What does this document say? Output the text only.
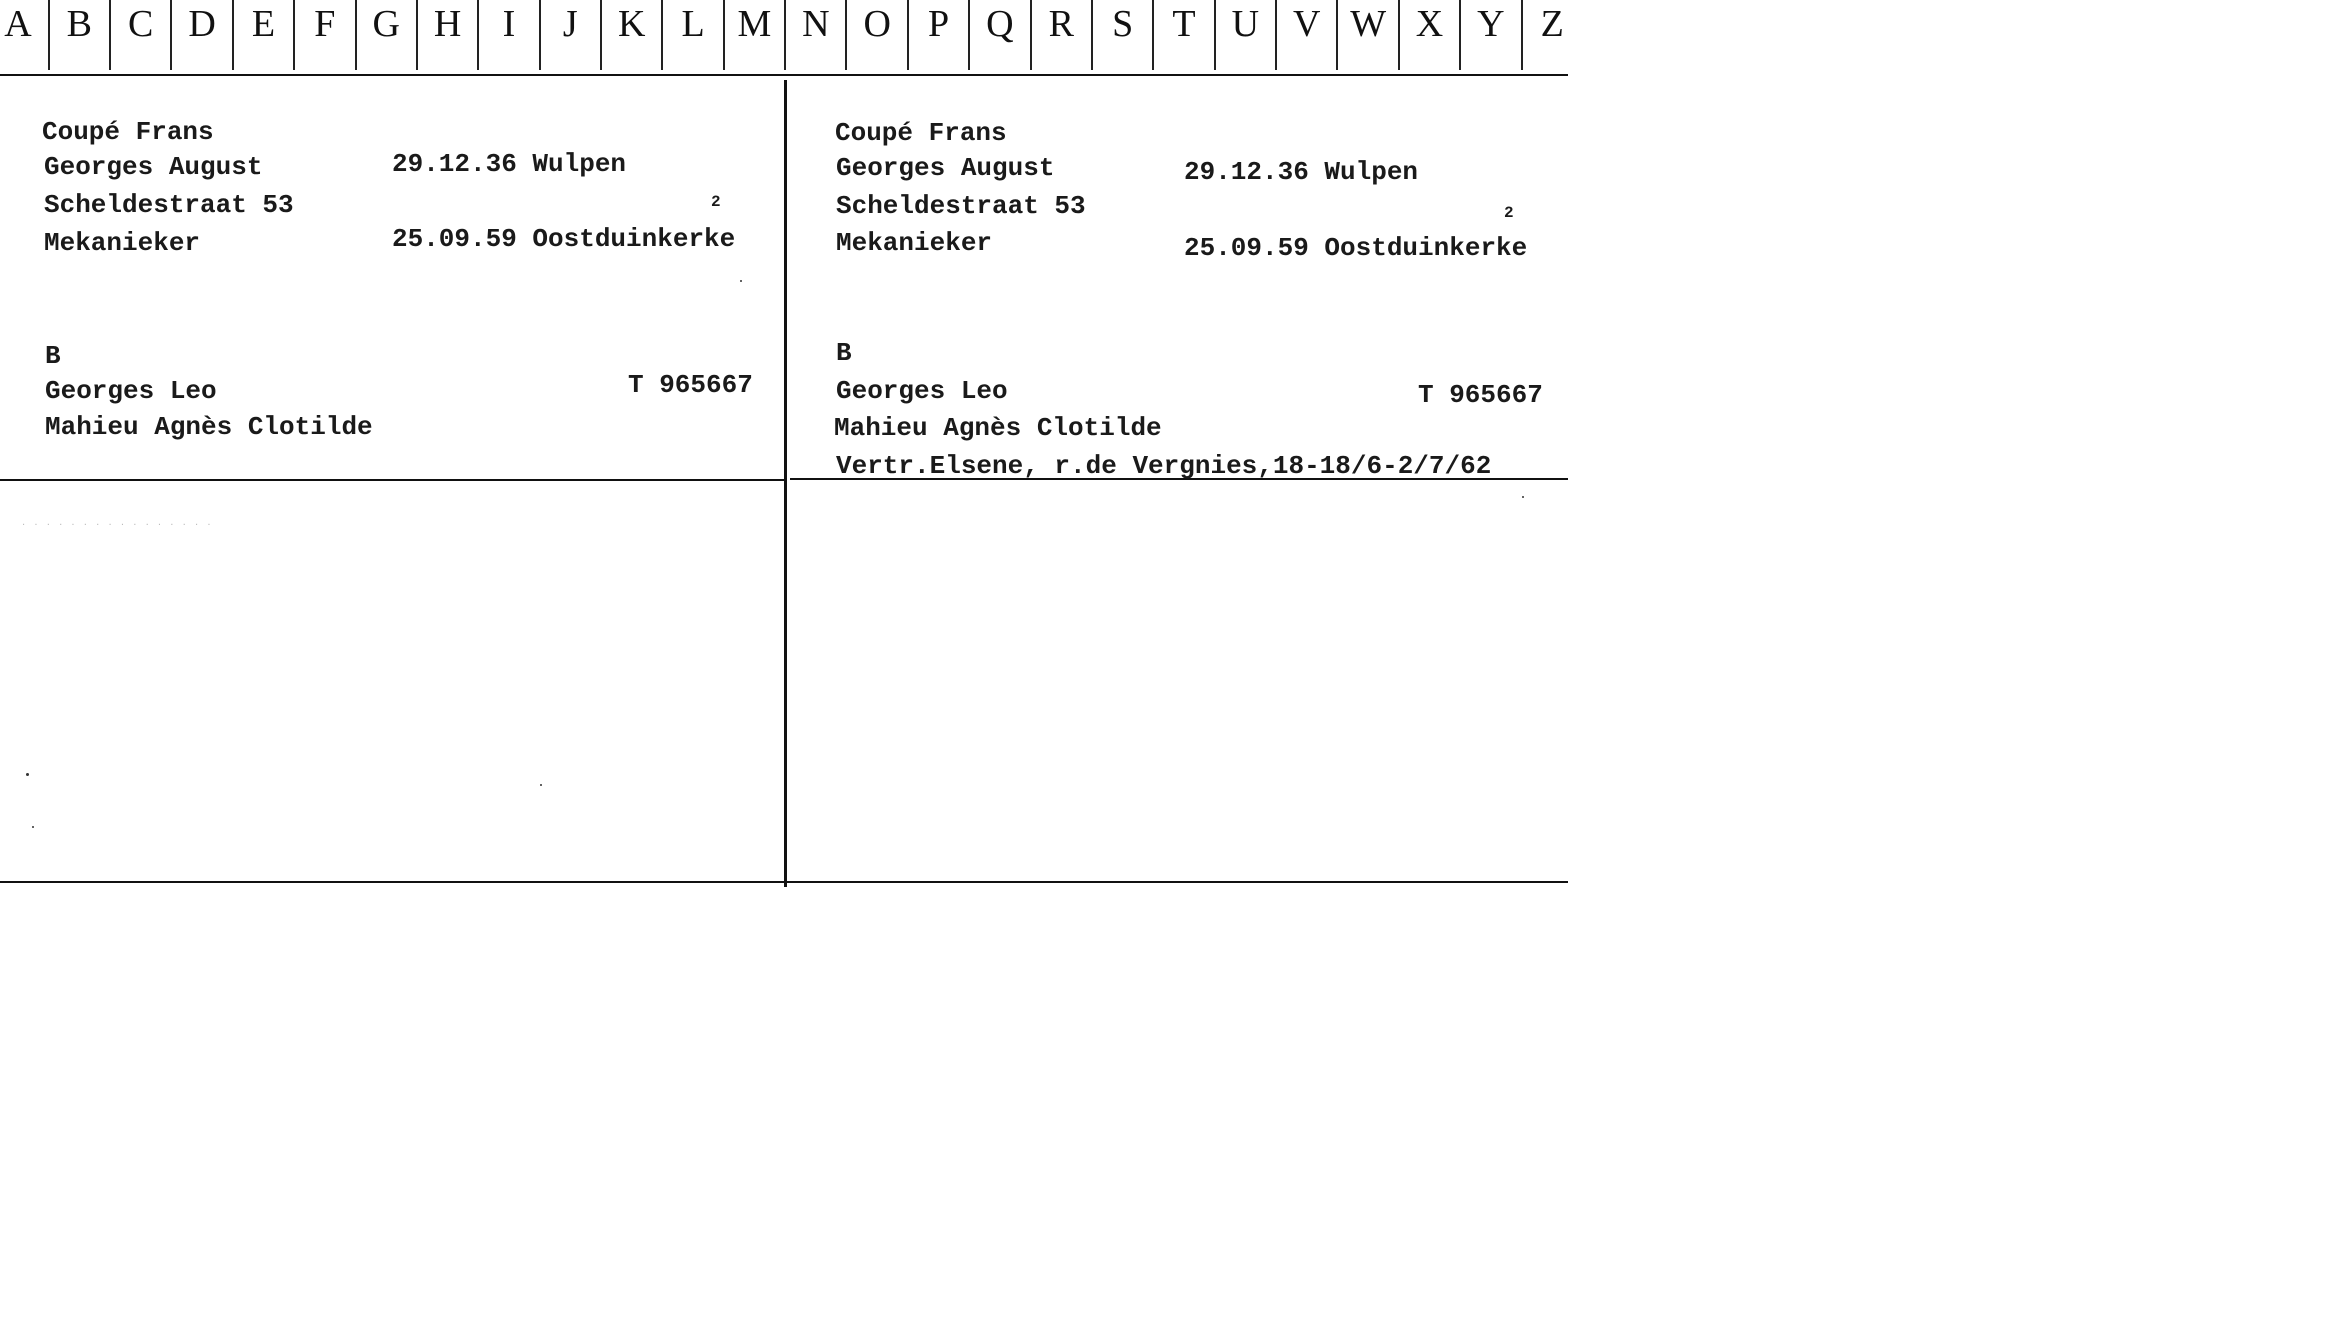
A B C D E	F G H	I	J	K L M N O P Q R	S	T U V W X Y Z
Coupé Frans
Georges August	29.12.36 Wulpen
Scheldestraat 53	2
Mekanieker	25.09.59 Oostduinkerke
B
Georges Leo	T 965667
Mahieu Agnès Clotilde
Coupé Frans
Georges August	29.12.36 Wulpen
Scheldestraat 53	2
Mekanieker	25.09.59 Oostduinkerke
B
Georges Leo	T 965667
Mahieu Agnès Clotilde
Vertr.Elsene, r.de Vergnies,18-18/6-2/7/62
· · · · · · · · · · · · · · · ·
